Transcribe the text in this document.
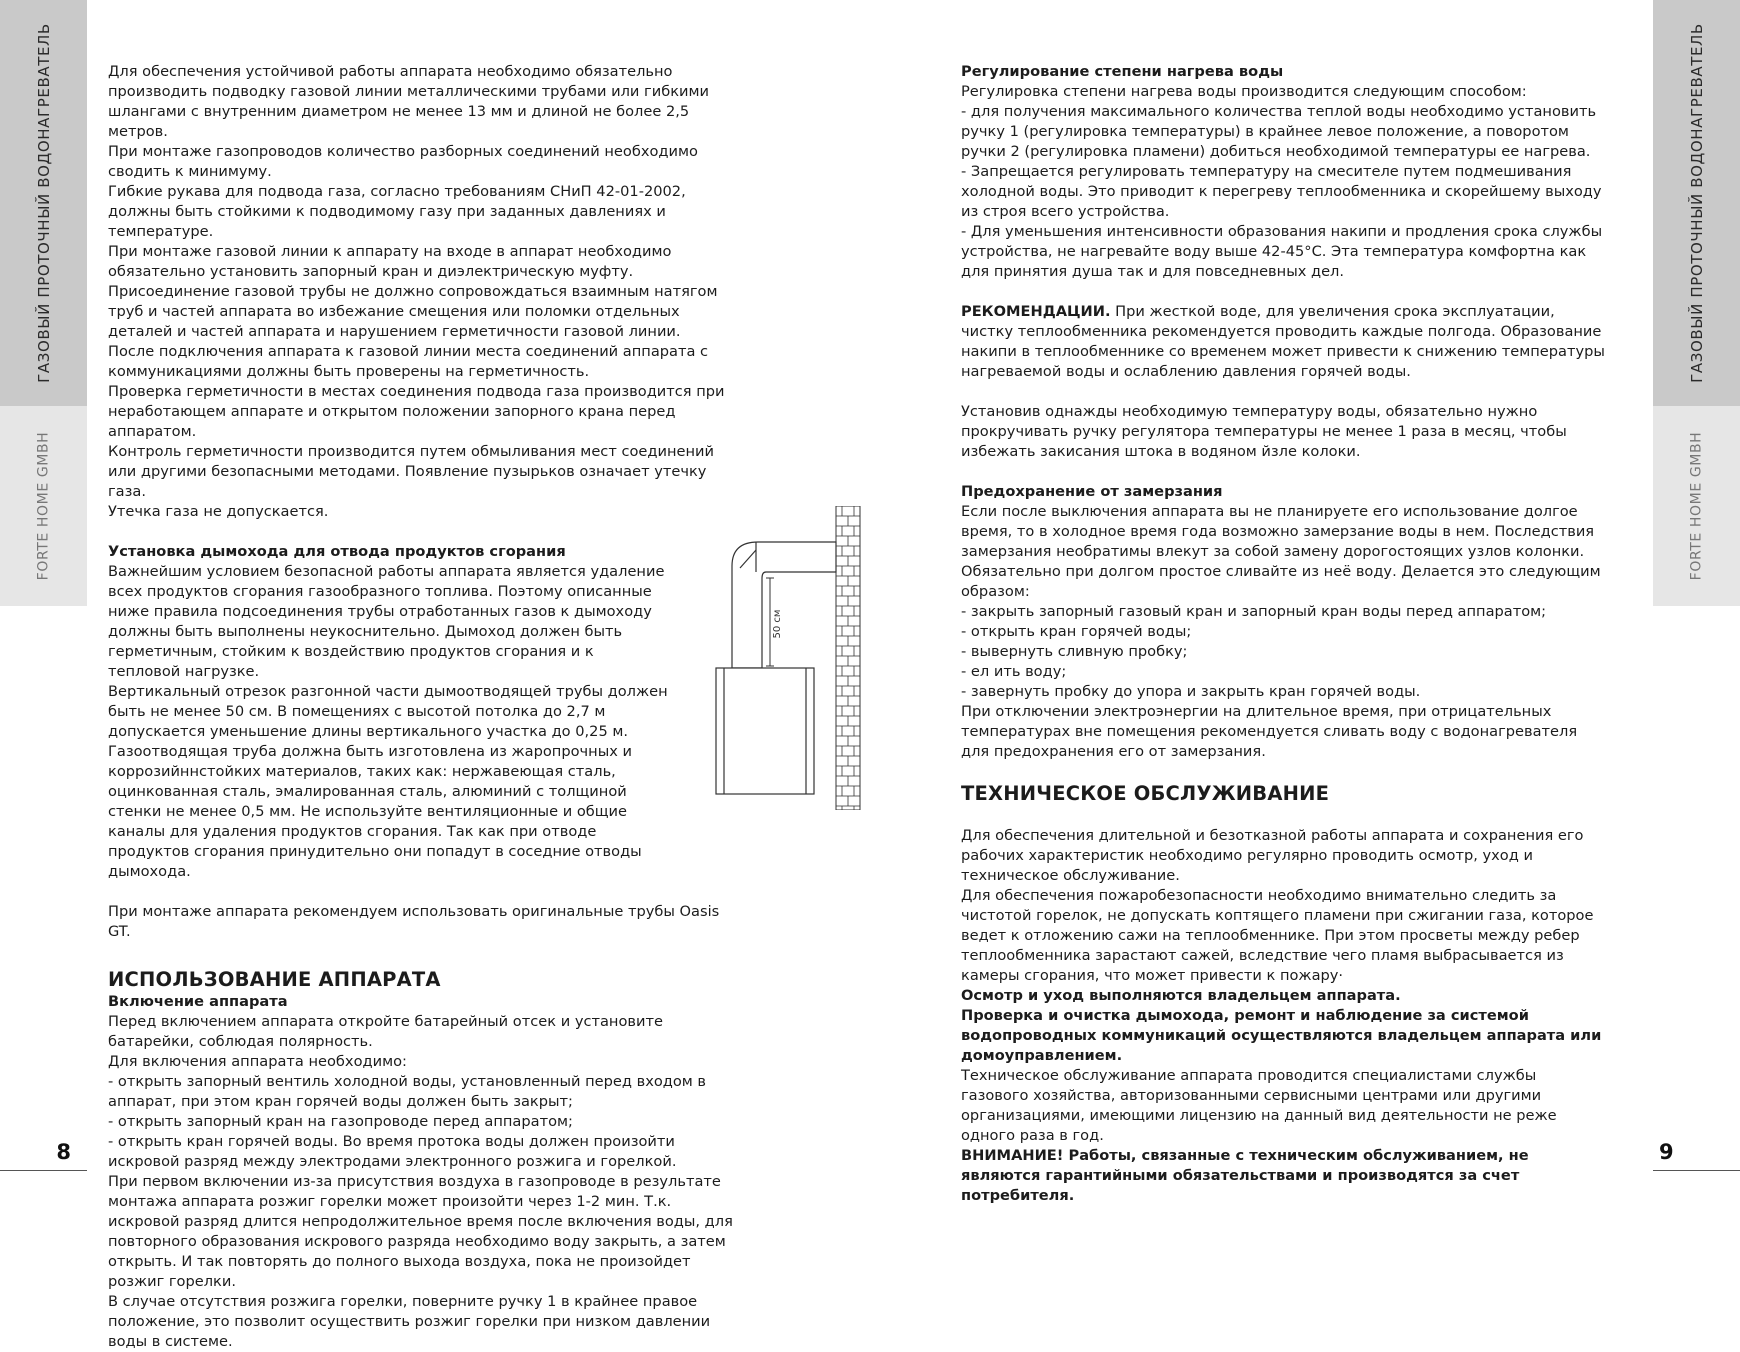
ГАЗОВЫЙ ПРОТОЧНЫЙ ВОДОНАГРЕВАТЕЛЬ
FORTE HOME GMBH
ГАЗОВЫЙ ПРОТОЧНЫЙ ВОДОНАГРЕВАТЕЛЬ
FORTE HOME GMBH
8	9

Для обеспечения устойчивой работы аппарата необходимо обязательно производить подводку газовой линии металлическими трубами или гибкими шлангами с внутренним диаметром не менее 13 мм и длиной не более 2,5 метров.

При монтаже газопроводов количество разборных соединений необходимо сводить к минимуму.

Гибкие рукава для подвода газа, согласно требованиям СНиП 42-01-2002, должны быть стойкими к подводимому газу при заданных давлениях и температуре.

При монтаже газовой линии к аппарату на входе в аппарат необходимо обязательно установить запорный кран и диэлектрическую муфту.

Присоединение газовой трубы не должно сопровождаться взаимным натягом труб и частей аппарата во избежание смещения или поломки отдельных деталей и частей аппарата и нарушением герметичности газовой линии.

После подключения аппарата к газовой линии места соединений аппарата с коммуникациями должны быть проверены на герметичность.

Проверка герметичности в местах соединения подвода газа производится при неработающем аппарате и открытом положении запорного крана перед аппаратом.

Контроль герметичности производится путем обмыливания мест соединений или другими безопасными методами. Появление пузырьков означает утечку газа.

Утечка газа не допускается.

Установка дымохода для отвода продуктов сгорания

Важнейшим условием безопасной работы аппарата является удаление всех продуктов сгорания газообразного топлива. Поэтому описанные ниже правила подсоединения трубы отработанных газов к дымоходу должны быть выполнены неукоснительно. Дымоход должен быть герметичным, стойким к воздействию продуктов сгорания и к тепловой нагрузке.

Вертикальный отрезок разгонной части дымоотводящей трубы должен быть не менее 50 см. В помещениях с высотой потолка до 2,7 м допускается уменьшение длины вертикального участка до 0,25 м.

Газоотводящая труба должна быть изготовлена из жаропрочных и коррозийннстойких материалов, таких как: нержавеющая сталь, оцинкованная сталь, эмалированная сталь, алюминий с толщиной стенки не менее 0,5 мм. Не используйте вентиляционные и общие каналы для удаления продуктов сгорания. Так как при отводе продуктов сгорания принудительно они попадут в соседние отводы дымохода.

50 см

При монтаже аппарата рекомендуем использовать оригинальные трубы Oasis GT.

ИСПОЛЬЗОВАНИЕ АППАРАТА

Включение аппарата

Перед включением аппарата откройте батарейный отсек и установите батарейки, соблюдая полярность.

Для включения аппарата необходимо:

- открыть запорный вентиль холодной воды, установленный перед входом в аппарат, при этом кран горячей воды должен быть закрыт;

- открыть запорный кран на газопроводе перед аппаратом;

- открыть кран горячей воды. Во время протока воды должен произойти искровой разряд между электродами электронного розжига и горелкой.

При первом включении из-за присутствия воздуха в газопроводе в результате монтажа аппарата розжиг горелки может произойти через 1-2 мин. Т.к. искровой разряд длится непродолжительное время после включения воды, для повторного образования искрового разряда необходимо воду закрыть, а затем открыть. И так повторять до полного выхода воздуха, пока не произойдет розжиг горелки.

В случае отсутствия розжига горелки, поверните ручку 1 в крайнее правое положение, это позволит осуществить розжиг горелки при низком давлении воды в системе.

Регулирование степени нагрева воды

Регулировка степени нагрева воды производится следующим способом:

- для получения максимального количества теплой воды необходимо установить ручку 1 (регулировка температуры) в крайнее левое положение, а поворотом ручки 2 (регулировка пламени) добиться необходимой температуры ее нагрева.

- Запрещается регулировать температуру на смесителе путем подмешивания холодной воды. Это приводит к перегреву теплообменника и скорейшему выходу из строя всего устройства.

- Для уменьшения интенсивности образования накипи и продления срока службы устройства, не нагревайте воду выше 42-45°С. Эта температура комфортна как для принятия душа так и для повседневных дел.

РЕКОМЕНДАЦИИ. При жесткой воде, для увеличения срока эксплуатации, чистку теплообменника рекомендуется проводить каждые полгода. Образование накипи в теплообменнике со временем может привести к снижению температуры нагреваемой воды и ослаблению давления горячей воды.

Установив однажды необходимую температуру воды, обязательно нужно прокручивать ручку регулятора температуры не менее 1 раза в месяц, чтобы избежать закисания штока в водяном йзле колоки.

Предохранение от замерзания

Если после выключения аппарата вы не планируете его использование долгое время, то в холодное время года возможно замерзание воды в нем. Последствия замерзания необратимы влекут за собой замену дорогостоящих узлов колонки.

Обязательно при долгом простое сливайте из неё воду. Делается это следующим образом:

- закрыть запорный газовый кран и запорный кран воды перед аппаратом;

- открыть кран горячей воды;

- вывернуть сливную пробку;

- ел ить воду;

- завернуть пробку до упора и закрыть кран горячей воды.

При отключении электроэнергии на длительное время, при отрицательных температурах вне помещения рекомендуется сливать воду с водонагревателя для предохранения его от замерзания.

ТЕХНИЧЕСКОЕ ОБСЛУЖИВАНИЕ

Для обеспечения длительной и безотказной работы аппарата и сохранения его рабочих характеристик необходимо регулярно проводить осмотр, уход и техническое обслуживание.

Для обеспечения пожаробезопасности необходимо внимательно следить за чистотой горелок, не допускать коптящего пламени при сжигании газа, которое ведет к отложению сажи на теплообменнике. При этом просветы между ребер теплообменника зарастают сажей, вследствие чего пламя выбрасывается из камеры сгорания, что может привести к пожару·

Осмотр и уход выполняются владельцем аппарата.

Проверка и очистка дымохода, ремонт и наблюдение за системой водопроводных коммуникаций осуществляются владельцем аппарата или домоуправлением.

Техническое обслуживание аппарата проводится специалистами службы газового хозяйства, авторизованными сервисными центрами или другими организациями, имеющими лицензию на данный вид деятельности не реже одного раза в год.

ВНИМАНИЕ! Работы, связанные с техническим обслуживанием, не являются гарантийными обязательствами и производятся за счет потребителя.
